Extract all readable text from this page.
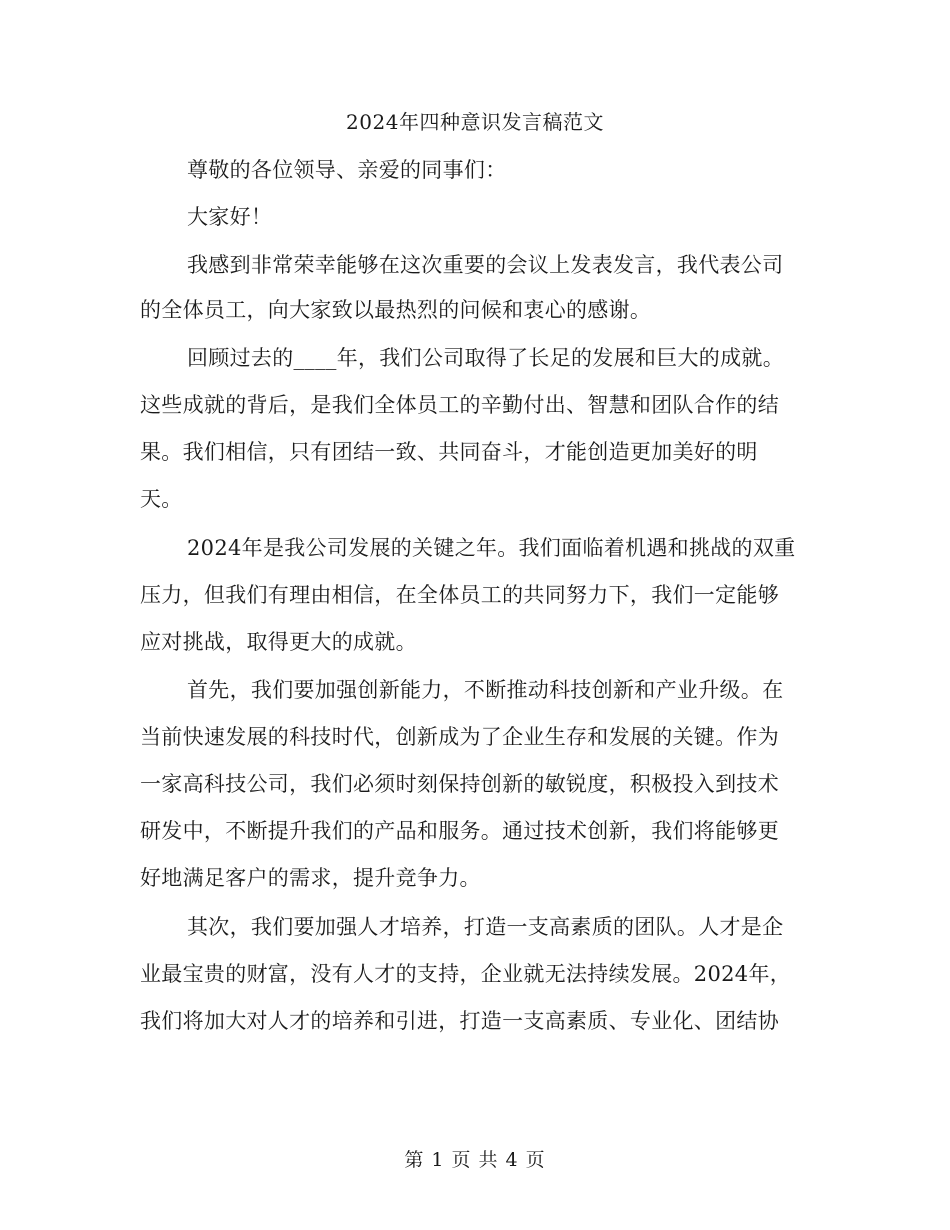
2024年四种意识发言稿范文
尊敬的各位领导、亲爱的同事们：
大家好！
我感到非常荣幸能够在这次重要的会议上发表发言，我代表公司
的全体员工，向大家致以最热烈的问候和衷心的感谢。
回顾过去的____年，我们公司取得了长足的发展和巨大的成就。
这些成就的背后，是我们全体员工的辛勤付出、智慧和团队合作的结
果。我们相信，只有团结一致、共同奋斗，才能创造更加美好的明
天。
2024年是我公司发展的关键之年。我们面临着机遇和挑战的双重
压力，但我们有理由相信，在全体员工的共同努力下，我们一定能够
应对挑战，取得更大的成就。
首先，我们要加强创新能力，不断推动科技创新和产业升级。在
当前快速发展的科技时代，创新成为了企业生存和发展的关键。作为
一家高科技公司，我们必须时刻保持创新的敏锐度，积极投入到技术
研发中，不断提升我们的产品和服务。通过技术创新，我们将能够更
好地满足客户的需求，提升竞争力。
其次，我们要加强人才培养，打造一支高素质的团队。人才是企
业最宝贵的财富，没有人才的支持，企业就无法持续发展。2024年，
我们将加大对人才的培养和引进，打造一支高素质、专业化、团结协
第 1 页 共 4 页
